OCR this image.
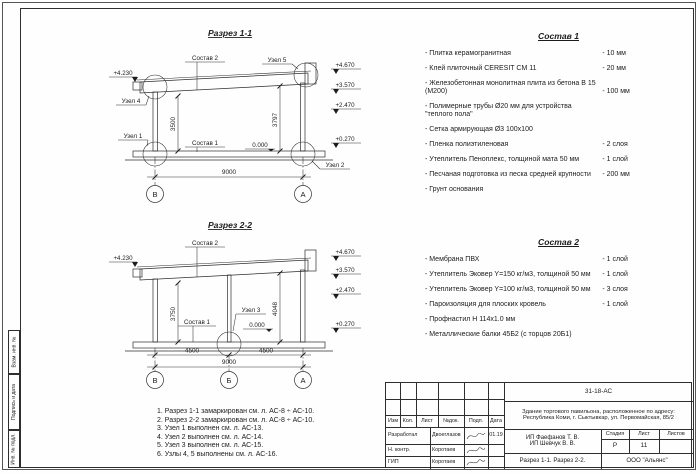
Взам. инв. №
Подпись и дата
Инв. № подл.
Разрез 1-1
3500	3797
+4.230
+4.670
+3.570
+2.470
+0.270
0.000
Состав 2	Узел 5
Узел 4
Узел 1
Состав 1
Узел 2
9000
В	А
Разрез 2-2
3750	4048
+4.230
+4.670
+3.570
+2.470
+0.270
0.000
Состав 2
Узел 3
Состав 1
4500	4500
9000
В	Б	А
1. Разрез 1-1 замаркирован см. л. АС-8 ÷ АС-10.
2. Разрез 2-2 замаркирован см. л. АС-8 ÷ АС-10.
3. Узел 1 выполнен см. л. АС-13.
4. Узел 2 выполнен см. л. АС-14.
5. Узел 3 выполнен см. л. АС-15.
6. Узлы 4, 5 выполнены см. л. АС-16.
Состав 1
- Плитка керамогранитная	- 10 мм
- Клей плиточный CERESIT CM 11	- 20 мм
- Железобетонная монолитная плита из бетона В 15 (М200)	- 100 мм
- Полимерные трубы Ø20 мм для устройства "теплого пола"
- Сетка армирующая Ø3 100х100
- Пленка полиэтиленовая	- 2 слоя
- Утеплитель Пеноплекс, толщиной мата 50 мм	- 1 слой
- Песчаная подготовка из песка средней крупности	- 200 мм
- Грунт основания
Состав 2
- Мембрана ПВХ	- 1 слой
- Утеплитель Эковер Y=150 кг/м3, толщиной 50 мм	- 1 слой
- Утеплитель Эковер Y=100 кг/м3, толщиной 50 мм	- 3 слоя
- Пароизоляция для плоских кровель	- 1 слой
- Профнастил Н 114х1.0 мм
- Металлические балки 45Б2 (с торцов 20Б1)
Изм Кол.	Лист	№док.	Подп.	Дата
Разработал	Двоеглазов	01.19
Н. контр.	Коротаев
ГИП	Коротаев
31-18-АС
Здание торгового павильона, расположенное по адресу: Республика Коми, г. Сыктывкар, ул. Первомайская, 85/2
ИП Фаефанов Т. В.
ИП Шевчук В. В.
Разрез 1-1. Разрез 2-2.
Стадия	Лист	Листов
Р	11
ООО "Альянс"
